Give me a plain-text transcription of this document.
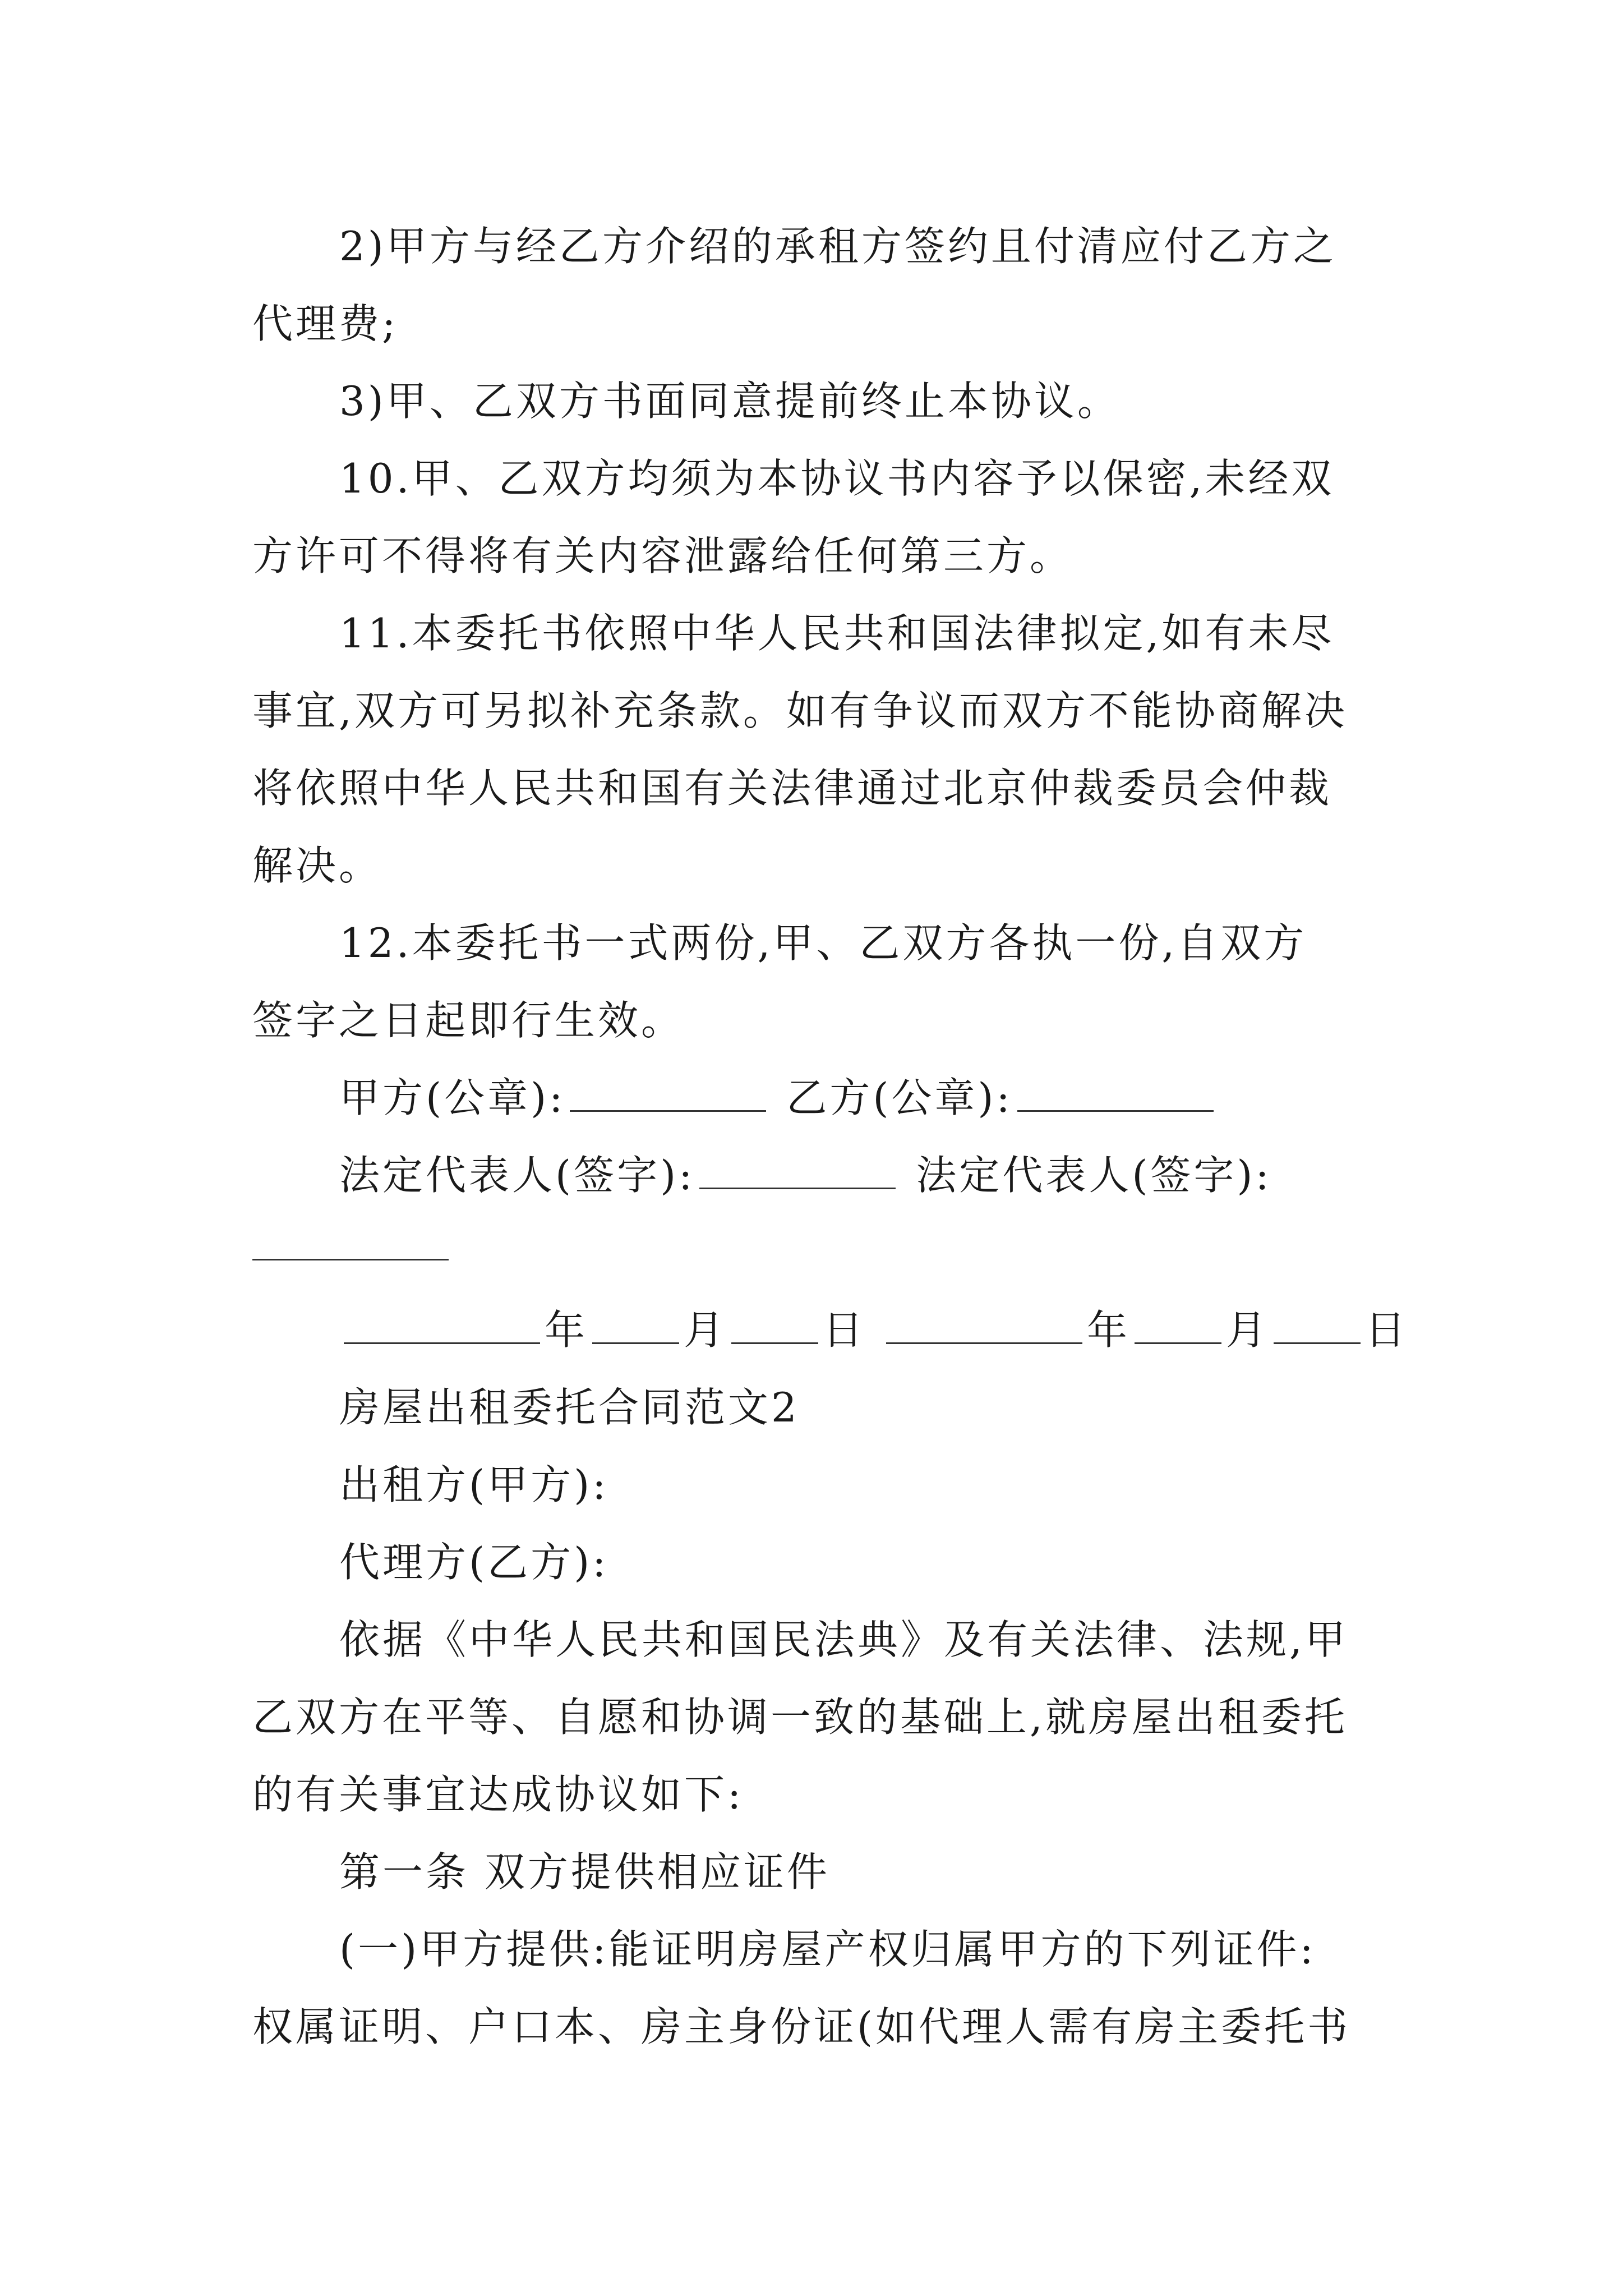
2)甲方与经乙方介绍的承租方签约且付清应付乙方之

代理费;

3)甲、乙双方书面同意提前终止本协议。

10.甲、乙双方均须为本协议书内容予以保密,未经双

方许可不得将有关内容泄露给任何第三方。

11.本委托书依照中华人民共和国法律拟定,如有未尽

事宜,双方可另拟补充条款。如有争议而双方不能协商解决

将依照中华人民共和国有关法律通过北京仲裁委员会仲裁

解决。

12.本委托书一式两份,甲、乙双方各执一份,自双方

签字之日起即行生效。

甲方(公章):	乙方(公章):

法定代表人(签字):	法定代表人(签字):

年 月 日	年 月 日

房屋出租委托合同范文2

出租方(甲方):

代理方(乙方):

依据《中华人民共和国民法典》及有关法律、法规,甲

乙双方在平等、自愿和协调一致的基础上,就房屋出租委托

的有关事宜达成协议如下:

第一条 双方提供相应证件

(一)甲方提供:能证明房屋产权归属甲方的下列证件:

权属证明、户口本、房主身份证(如代理人需有房主委托书
